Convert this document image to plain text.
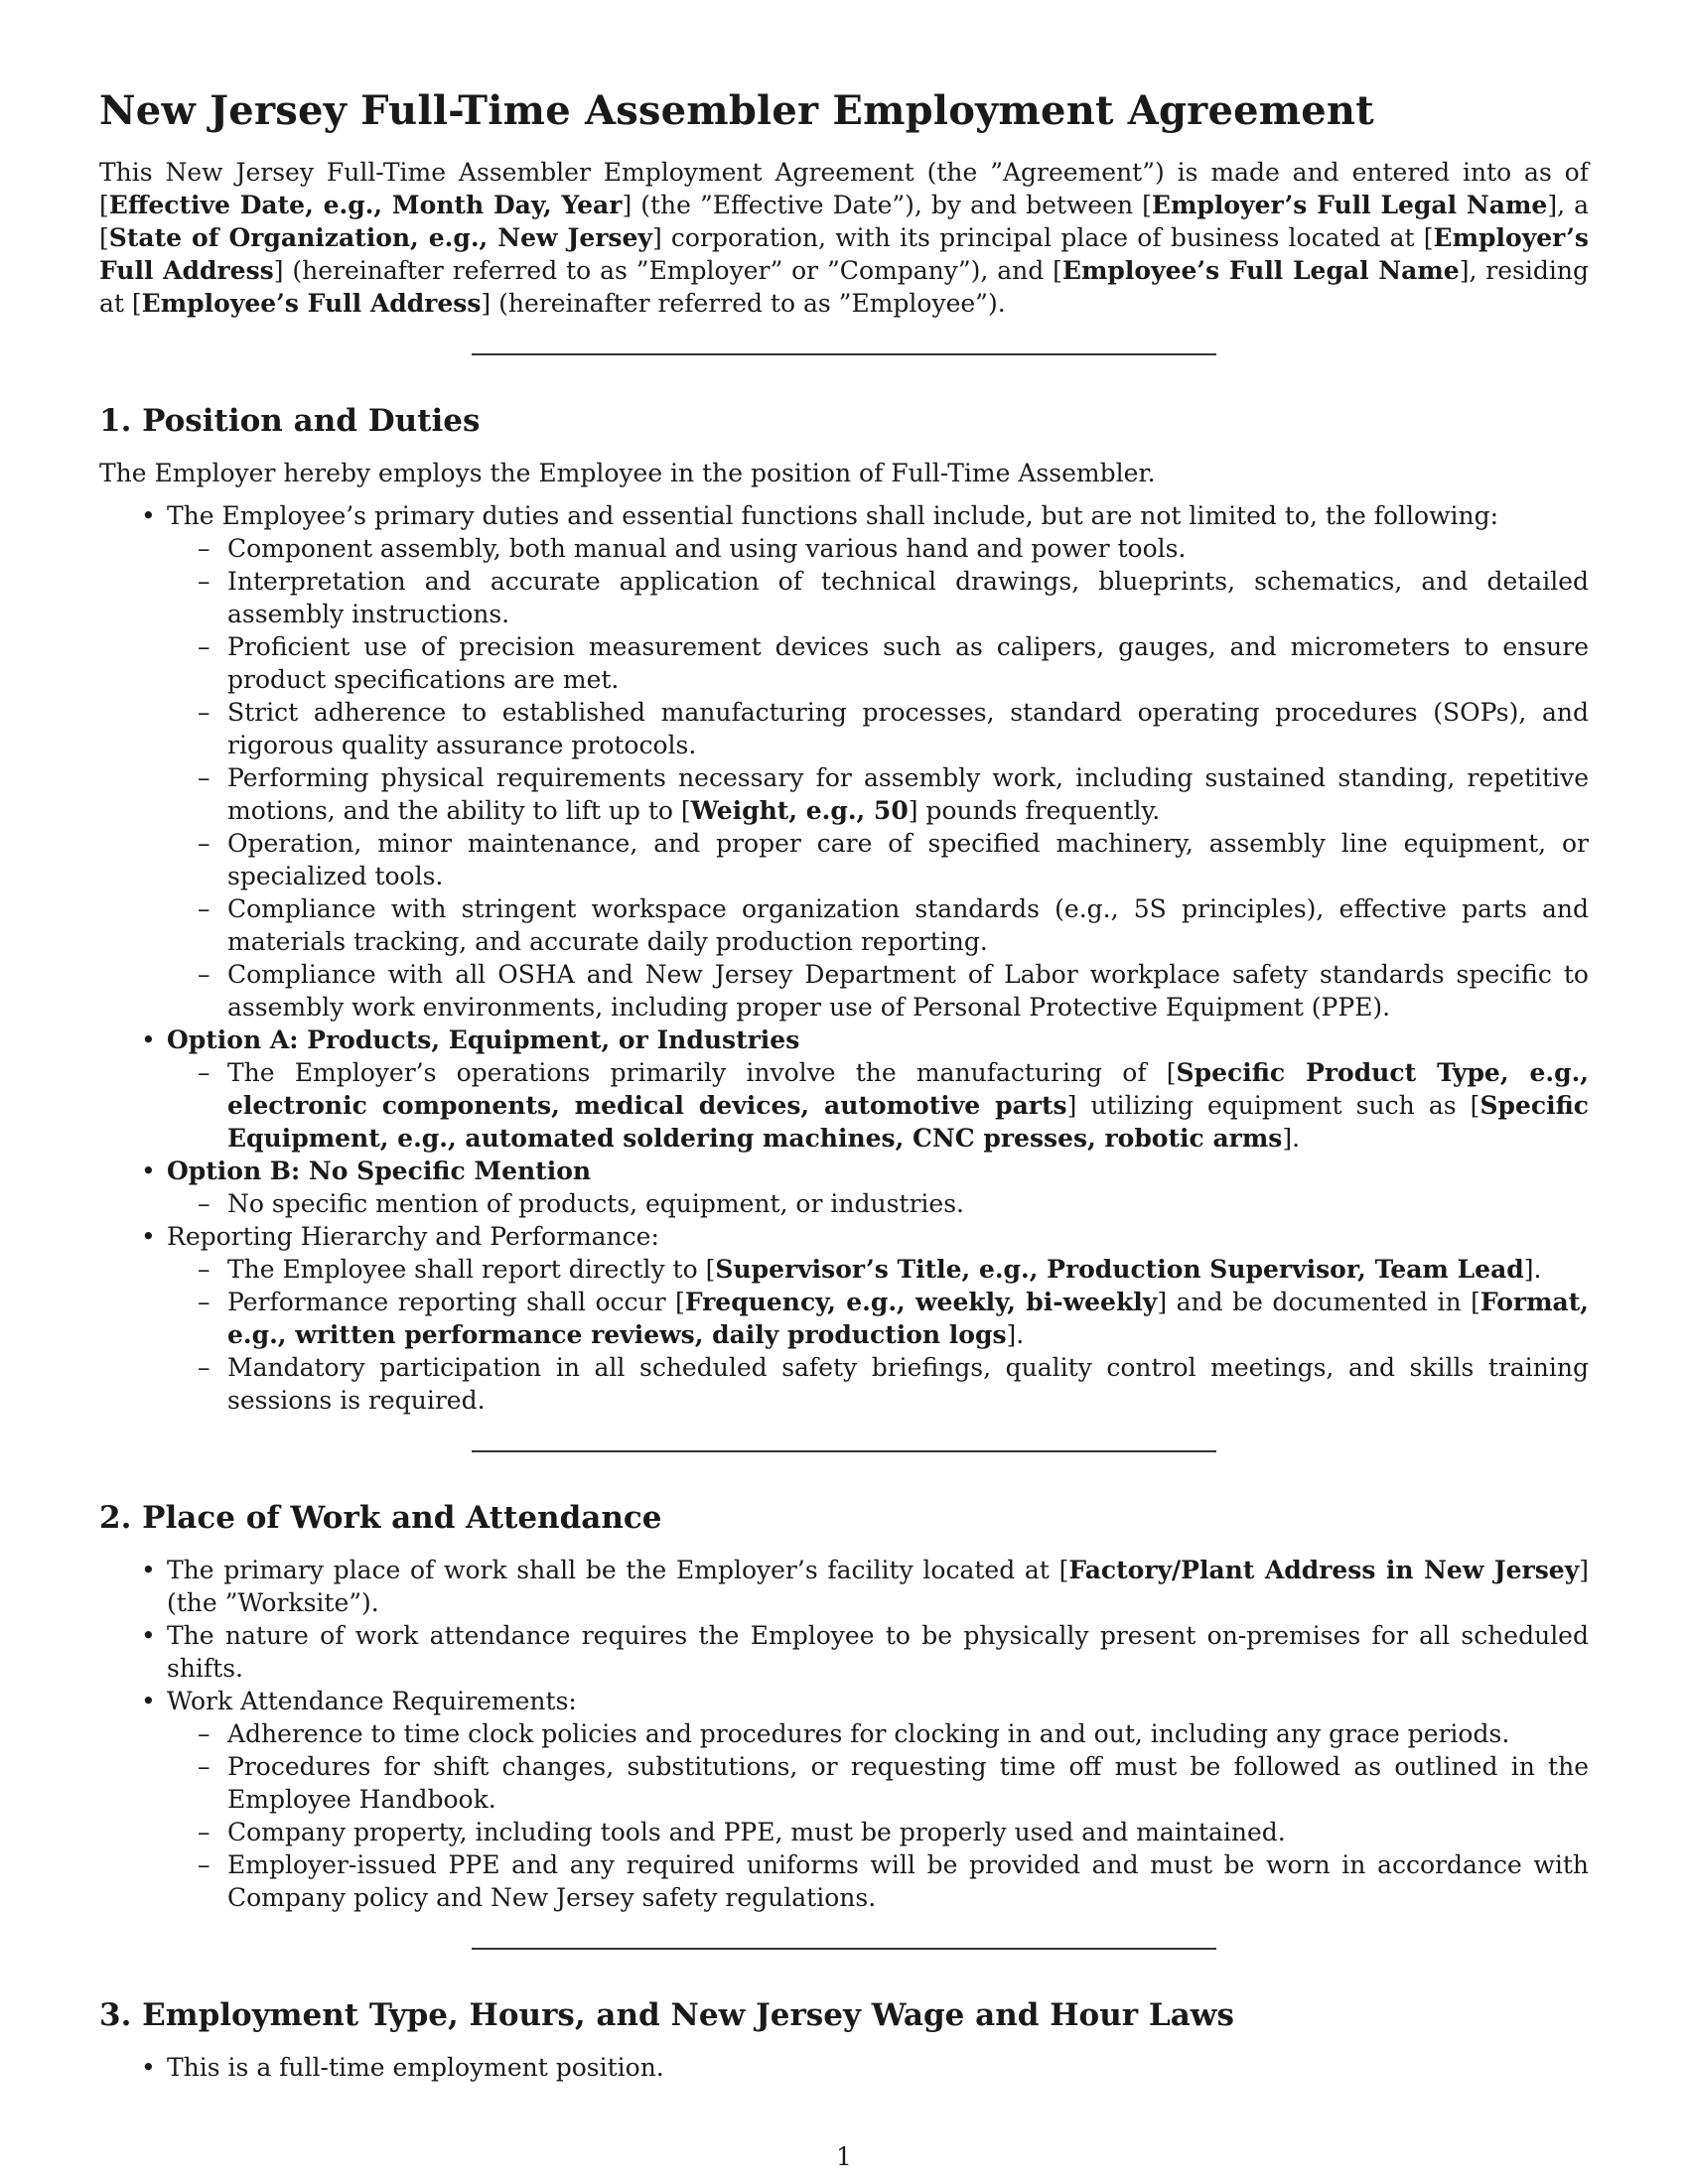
New Jersey Full-Time Assembler Employment Agreement

This New Jersey Full-Time Assembler Employment Agreement (the ”Agreement”) is made and entered into as of [Effective Date, e.g., Month Day, Year] (the ”Effective Date”), by and between [Employer’s Full Legal Name], a [State of Organization, e.g., New Jersey] corporation, with its principal place of business located at [Employer’s Full Address] (hereinafter referred to as ”Employer” or ”Company”), and [Employee’s Full Legal Name], residing at [Employee’s Full Address] (hereinafter referred to as ”Employee”).

1. Position and Duties

The Employer hereby employs the Employee in the position of Full-Time Assembler.

• The Employee’s primary duties and essential functions shall include, but are not limited to, the following:
– Component assembly, both manual and using various hand and power tools.
– Interpretation and accurate application of technical drawings, blueprints, schematics, and detailed assembly instructions.
– Proficient use of precision measurement devices such as calipers, gauges, and micrometers to ensure product specifications are met.
– Strict adherence to established manufacturing processes, standard operating procedures (SOPs), and rigorous quality assurance protocols.
– Performing physical requirements necessary for assembly work, including sustained standing, repetitive motions, and the ability to lift up to [Weight, e.g., 50] pounds frequently.
– Operation, minor maintenance, and proper care of specified machinery, assembly line equipment, or specialized tools.
– Compliance with stringent workspace organization standards (e.g., 5S principles), effective parts and materials tracking, and accurate daily production reporting.
– Compliance with all OSHA and New Jersey Department of Labor workplace safety standards specific to assembly work environments, including proper use of Personal Protective Equipment (PPE).
• Option A: Products, Equipment, or Industries
– The Employer’s operations primarily involve the manufacturing of [Specific Product Type, e.g., electronic components, medical devices, automotive parts] utilizing equipment such as [Specific Equipment, e.g., automated soldering machines, CNC presses, robotic arms].
• Option B: No Specific Mention
– No specific mention of products, equipment, or industries.
• Reporting Hierarchy and Performance:
– The Employee shall report directly to [Supervisor’s Title, e.g., Production Supervisor, Team Lead].
– Performance reporting shall occur [Frequency, e.g., weekly, bi-weekly] and be documented in [Format, e.g., written performance reviews, daily production logs].
– Mandatory participation in all scheduled safety briefings, quality control meetings, and skills training sessions is required.
2. Place of Work and Attendance
• The primary place of work shall be the Employer’s facility located at [Factory/Plant Address in New Jersey] (the ”Worksite”).
• The nature of work attendance requires the Employee to be physically present on-premises for all scheduled shifts.
• Work Attendance Requirements:
– Adherence to time clock policies and procedures for clocking in and out, including any grace periods.
– Procedures for shift changes, substitutions, or requesting time off must be followed as outlined in the Employee Handbook.
– Company property, including tools and PPE, must be properly used and maintained.
– Employer-issued PPE and any required uniforms will be provided and must be worn in accordance with Company policy and New Jersey safety regulations.
3. Employment Type, Hours, and New Jersey Wage and Hour Laws
• This is a full-time employment position.
1
